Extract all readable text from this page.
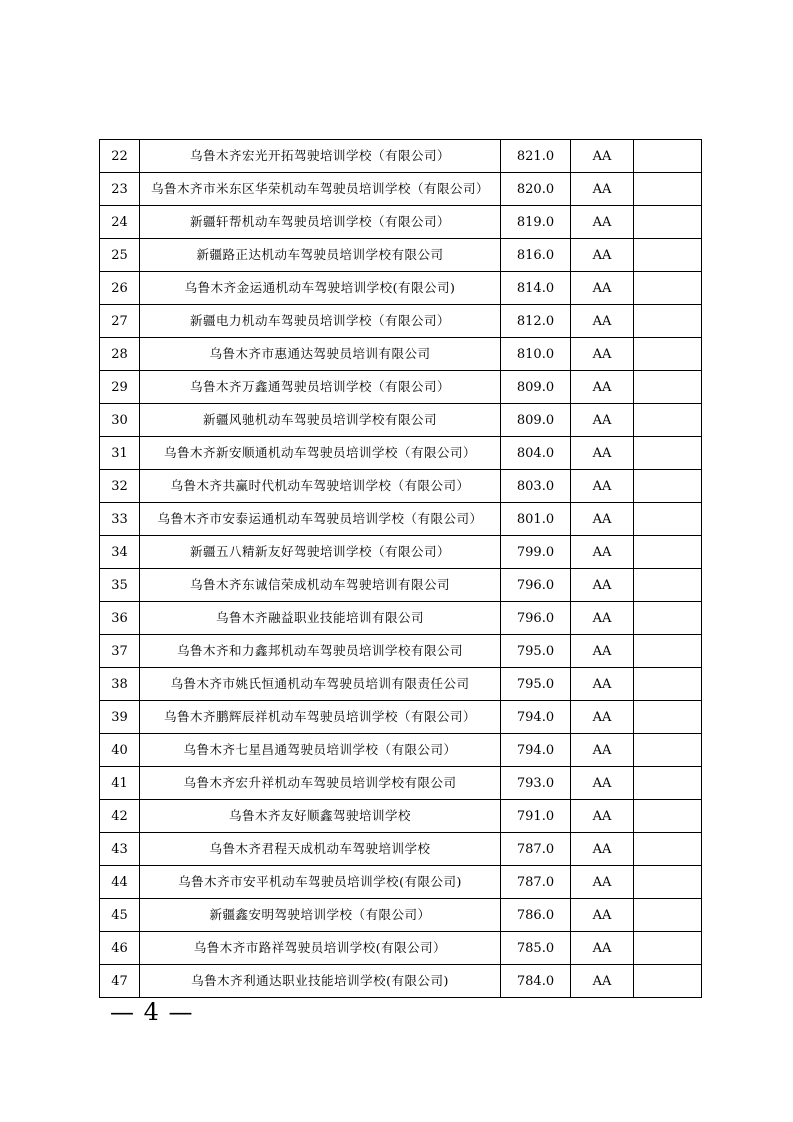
22	乌鲁木齐宏光开拓驾驶培训学校（有限公司）	821.0	AA	
23	乌鲁木齐市米东区华荣机动车驾驶员培训学校（有限公司）	820.0	AA	
24	新疆轩帮机动车驾驶员培训学校（有限公司）	819.0	AA	
25	新疆路正达机动车驾驶员培训学校有限公司	816.0	AA	
26	乌鲁木齐金运通机动车驾驶培训学校(有限公司)	814.0	AA	
27	新疆电力机动车驾驶员培训学校（有限公司）	812.0	AA	
28	乌鲁木齐市惠通达驾驶员培训有限公司	810.0	AA	
29	乌鲁木齐万鑫通驾驶员培训学校（有限公司）	809.0	AA	
30	新疆风驰机动车驾驶员培训学校有限公司	809.0	AA	
31	乌鲁木齐新安顺通机动车驾驶员培训学校（有限公司）	804.0	AA	
32	乌鲁木齐共赢时代机动车驾驶培训学校（有限公司）	803.0	AA	
33	乌鲁木齐市安泰运通机动车驾驶员培训学校（有限公司）	801.0	AA	
34	新疆五八精新友好驾驶培训学校（有限公司）	799.0	AA	
35	乌鲁木齐东诚信荣成机动车驾驶培训有限公司	796.0	AA	
36	乌鲁木齐融益职业技能培训有限公司	796.0	AA	
37	乌鲁木齐和力鑫邦机动车驾驶员培训学校有限公司	795.0	AA	
38	乌鲁木齐市姚氏恒通机动车驾驶员培训有限责任公司	795.0	AA	
39	乌鲁木齐鹏辉辰祥机动车驾驶员培训学校（有限公司）	794.0	AA	
40	乌鲁木齐七星昌通驾驶员培训学校（有限公司）	794.0	AA	
41	乌鲁木齐宏升祥机动车驾驶员培训学校有限公司	793.0	AA	
42	乌鲁木齐友好顺鑫驾驶培训学校	791.0	AA	
43	乌鲁木齐君程天成机动车驾驶培训学校	787.0	AA	
44	乌鲁木齐市安平机动车驾驶员培训学校(有限公司)	787.0	AA	
45	新疆鑫安明驾驶培训学校（有限公司）	786.0	AA	
46	乌鲁木齐市路祥驾驶员培训学校(有限公司）	785.0	AA	
47	乌鲁木齐利通达职业技能培训学校(有限公司)	784.0	AA	
— 4 —
